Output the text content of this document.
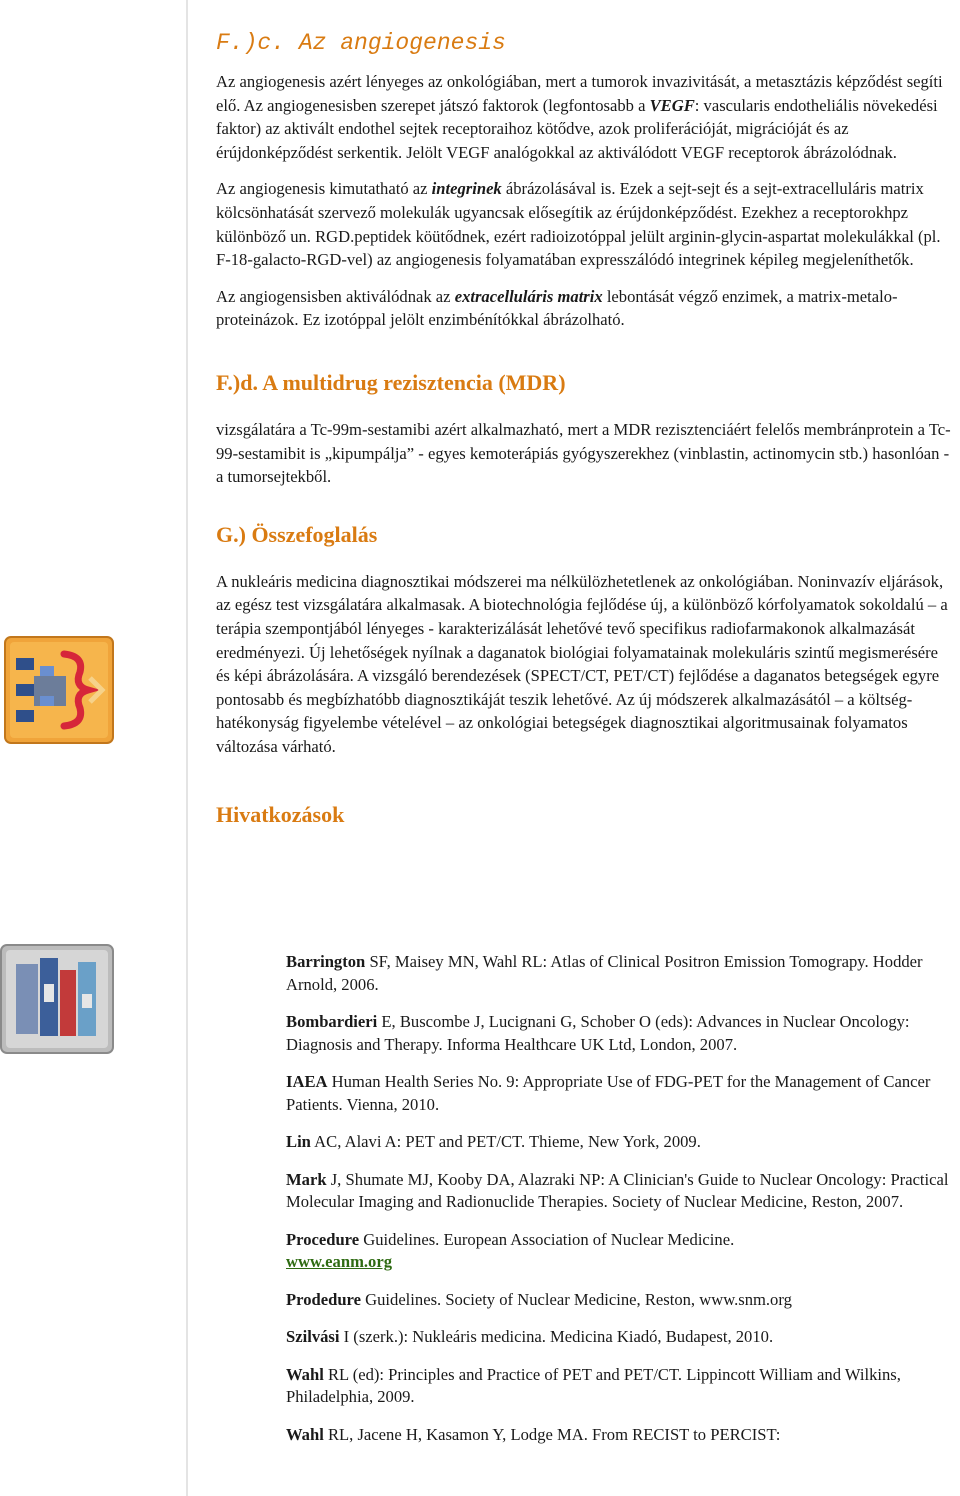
F.)c. Az angiogenesis

Az angiogenesis azért lényeges az onkológiában, mert a tumorok invazivitását, a metasztázis képződést segíti elő. Az angiogenesisben szerepet játszó faktorok (legfontosabb a VEGF: vascularis endotheliális növekedési faktor) az aktivált endothel sejtek receptoraihoz kötődve, azok proliferációját, migrációját és az érújdonképződést serkentik. Jelölt VEGF analógokkal az aktiválódott VEGF receptorok ábrázolódnak.

Az angiogenesis kimutatható az integrinek ábrázolásával is. Ezek a sejt-sejt és a sejt-extracelluláris matrix kölcsönhatását szervező molekulák ugyancsak elősegítik az érújdonképződést. Ezekhez a receptorokhpz különböző un. RGD.peptidek köütődnek, ezért radioizotóppal jelült arginin-glycin-aspartat molekulákkal (pl. F-18-galacto-RGD-vel) az angiogenesis folyamatában expresszálódó integrinek képileg megjeleníthetők.

Az angiogensisben aktiválódnak az extracelluláris matrix lebontását végző enzimek, a matrix-metalo-proteinázok. Ez izotóppal jelölt enzimbénítókkal ábrázolható.

F.)d. A multidrug rezisztencia (MDR)

vizsgálatára a Tc-99m-sestamibi azért alkalmazható, mert a MDR rezisztenciáért felelős membránprotein a Tc-99-sestamibit is „kipumpálja” - egyes kemoterápiás gyógyszerekhez (vinblastin, actinomycin stb.) hasonlóan - a tumorsejtekből.

G.) Összefoglalás

A nukleáris medicina diagnosztikai módszerei ma nélkülözhetetlenek az onkológiában. Noninvazív eljárások, az egész test vizsgálatára alkalmasak. A biotechnológia fejlődése új, a különböző kórfolyamatok sokoldalú – a terápia szempontjából lényeges - karakterizálását lehetővé tevő specifikus radiofarmakonok alkalmazását eredményezi. Új lehetőségek nyílnak a daganatok biológiai folyamatainak molekuláris szintű megismerésére és képi ábrázolására. A vizsgáló berendezések (SPECT/CT, PET/CT) fejlődése a daganatos betegségek egyre pontosabb és megbízhatóbb diagnosztikáját teszik lehetővé. Az új módszerek alkalmazásától – a költség-hatékonyság figyelembe vételével – az onkológiai betegségek diagnosztikai algoritmusainak folyamatos változása várható.

Hivatkozások

Barrington SF, Maisey MN, Wahl RL: Atlas of Clinical Positron Emission Tomograpy. Hodder Arnold, 2006.

Bombardieri E, Buscombe J, Lucignani G, Schober O (eds): Advances in Nuclear Oncology: Diagnosis and Therapy. Informa Healthcare UK Ltd, London, 2007.

IAEA Human Health Series No. 9: Appropriate Use of FDG-PET for the Management of Cancer Patients. Vienna, 2010.

Lin AC, Alavi A: PET and PET/CT. Thieme, New York, 2009.

Mark J, Shumate MJ, Kooby DA, Alazraki NP: A Clinician's Guide to Nuclear Oncology: Practical Molecular Imaging and Radionuclide Therapies. Society of Nuclear Medicine, Reston, 2007.

Procedure Guidelines. European Association of Nuclear Medicine.
www.eanm.org

Prodedure Guidelines. Society of Nuclear Medicine, Reston, www.snm.org

Szilvási I (szerk.): Nukleáris medicina. Medicina Kiadó, Budapest, 2010.

Wahl RL (ed): Principles and Practice of PET and PET/CT. Lippincott William and Wilkins, Philadelphia, 2009.

Wahl RL, Jacene H, Kasamon Y, Lodge MA. From RECIST to PERCIST:
